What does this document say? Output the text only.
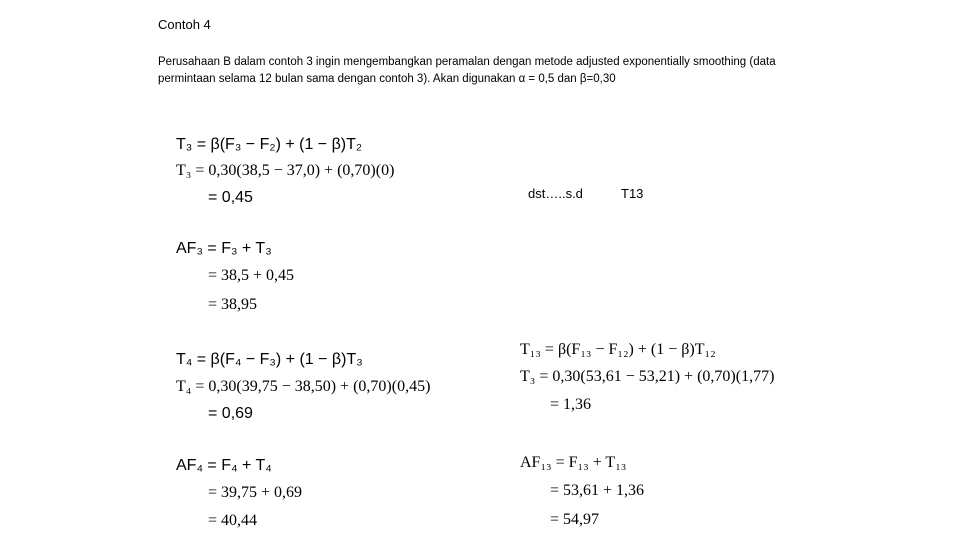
Contoh 4
Perusahaan B dalam contoh 3 ingin mengembangkan peramalan dengan metode adjusted exponentially smoothing (data permintaan selama 12 bulan sama dengan contoh 3). Akan digunakan α = 0,5 dan β=0,30
T₃ = β(F₃ − F₂) + (1 − β)T₂
T₃ = 0,30(38,5 − 37,0) + (0,70)(0)
= 0,45
AF₃ = F₃ + T₃
= 38,5 + 0,45
= 38,95
T₄ = β(F₄ − F₃) + (1 − β)T₃
T₄ = 0,30(39,75 − 38,50) + (0,70)(0,45)
= 0,69
AF₄ = F₄ + T₄
= 39,75 + 0,69
= 40,44
dst…..s.d	T13
T₁₃ = β(F₁₃ − F₁₂) + (1 − β)T₁₂
T₃ = 0,30(53,61 − 53,21) + (0,70)(1,77)
= 1,36
AF₁₃ = F₁₃ + T₁₃
= 53,61 + 1,36
= 54,97
